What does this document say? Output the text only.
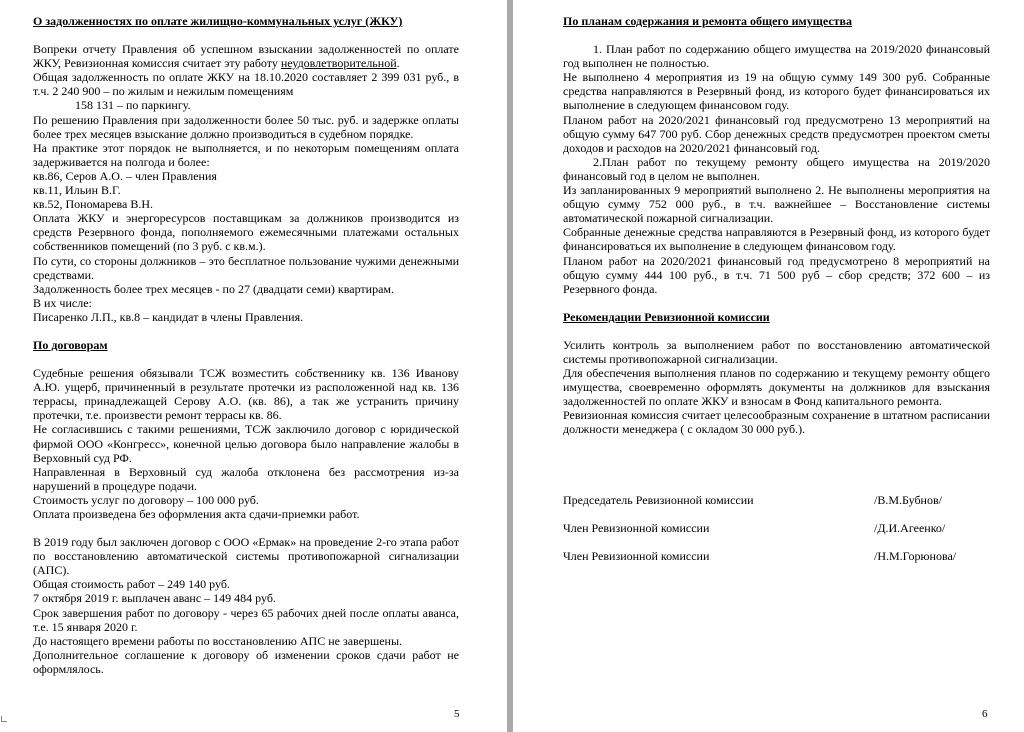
О задолженностях по оплате жилищно-коммунальных услуг (ЖКУ)

Вопреки отчету Правления об успешном взыскании задолженностей по оплате ЖКУ, Ревизионная комиссия считает эту работу неудовлетворительной.

Общая задолженность по оплате ЖКУ на 18.10.2020 составляет 2 399 031 руб., в т.ч. 2 240 900 – по жилым и нежилым помещениям

158 131 – по паркингу.

По решению Правления при задолженности более 50 тыс. руб. и задержке оплаты более трех месяцев взыскание должно производиться в судебном порядке.

На практике этот порядок не выполняется, и по некоторым помещениям оплата задерживается на полгода и более:

кв.86, Серов А.О. – член Правления

кв.11, Ильин В.Г.

кв.52, Пономарева В.Н.

Оплата ЖКУ и энергоресурсов поставщикам за должников производится из средств Резервного фонда, пополняемого ежемесячными платежами остальных собственников помещений (по 3 руб. с кв.м.).

По сути, со стороны должников – это бесплатное пользование чужими денежными средствами.

Задолженность более трех месяцев - по 27 (двадцати семи) квартирам.

В их числе:

Писаренко Л.П., кв.8 – кандидат в члены Правления.

По договорам

Судебные решения обязывали ТСЖ возместить собственнику кв. 136 Иванову А.Ю. ущерб, причиненный в результате протечки из расположенной над кв. 136 террасы, принадлежащей Серову А.О. (кв. 86), а так же устранить причину протечки, т.е. произвести ремонт террасы кв. 86.

Не согласившись с такими решениями, ТСЖ заключило договор с юридической фирмой ООО «Конгресс», конечной целью договора было направление жалобы в Верховный суд РФ.

Направленная в Верховный суд жалоба отклонена без рассмотрения из-за нарушений в процедуре подачи.

Стоимость услуг по договору – 100 000 руб.

Оплата произведена без оформления акта сдачи-приемки работ.

В 2019 году был заключен договор с ООО «Ермак» на проведение 2-го этапа работ по восстановлению автоматической системы противопожарной сигнализации (АПС).

Общая стоимость работ – 249 140 руб.

7 октября 2019 г. выплачен аванс – 149 484 руб.

Срок завершения работ по договору - через 65 рабочих дней после оплаты аванса, т.е. 15 января 2020 г.

До настоящего времени работы по восстановлению АПС не завершены.

Дополнительное соглашение к договору об изменении сроков сдачи работ не оформлялось.

По планам содержания и ремонта общего имущества

1. План работ по содержанию общего имущества на 2019/2020 финансовый год выполнен не полностью.

Не выполнено 4 мероприятия из 19 на общую сумму 149 300 руб. Собранные средства направляются в Резервный фонд, из которого будет финансироваться их выполнение в следующем финансовом году.

Планом работ на 2020/2021 финансовый год предусмотрено 13 мероприятий на общую сумму 647 700 руб. Сбор денежных средств предусмотрен проектом сметы доходов и расходов на 2020/2021 финансовый год.

2.План работ по текущему ремонту общего имущества на 2019/2020 финансовый год в целом не выполнен.

Из запланированных 9 мероприятий выполнено 2. Не выполнены мероприятия на общую сумму 752 000 руб., в т.ч. важнейшее – Восстановление системы автоматической пожарной сигнализации.

Собранные денежные средства направляются в Резервный фонд, из которого будет финансироваться их выполнение в следующем финансовом году.

Планом работ на 2020/2021 финансовый год предусмотрено 8 мероприятий на общую сумму 444 100 руб., в т.ч. 71 500 руб – сбор средств; 372 600 – из Резервного фонда.

Рекомендации Ревизионной комиссии

Усилить контроль за выполнением работ по восстановлению автоматической системы противопожарной сигнализации.

Для обеспечения выполнения планов по содержанию и текущему ремонту общего имущества, своевременно оформлять документы на должников для взыскания задолженностей по оплате ЖКУ и взносам в Фонд капитального ремонта.

Ревизионная комиссия считает целесообразным сохранение в штатном расписании должности менеджера ( с окладом 30 000 руб.).

Председатель Ревизионной комиссии	/В.М.Бубнов/
Член Ревизионной комиссии	/Д.И.Агеенко/
Член Ревизионной комиссии	/Н.М.Горюнова/
5	6
